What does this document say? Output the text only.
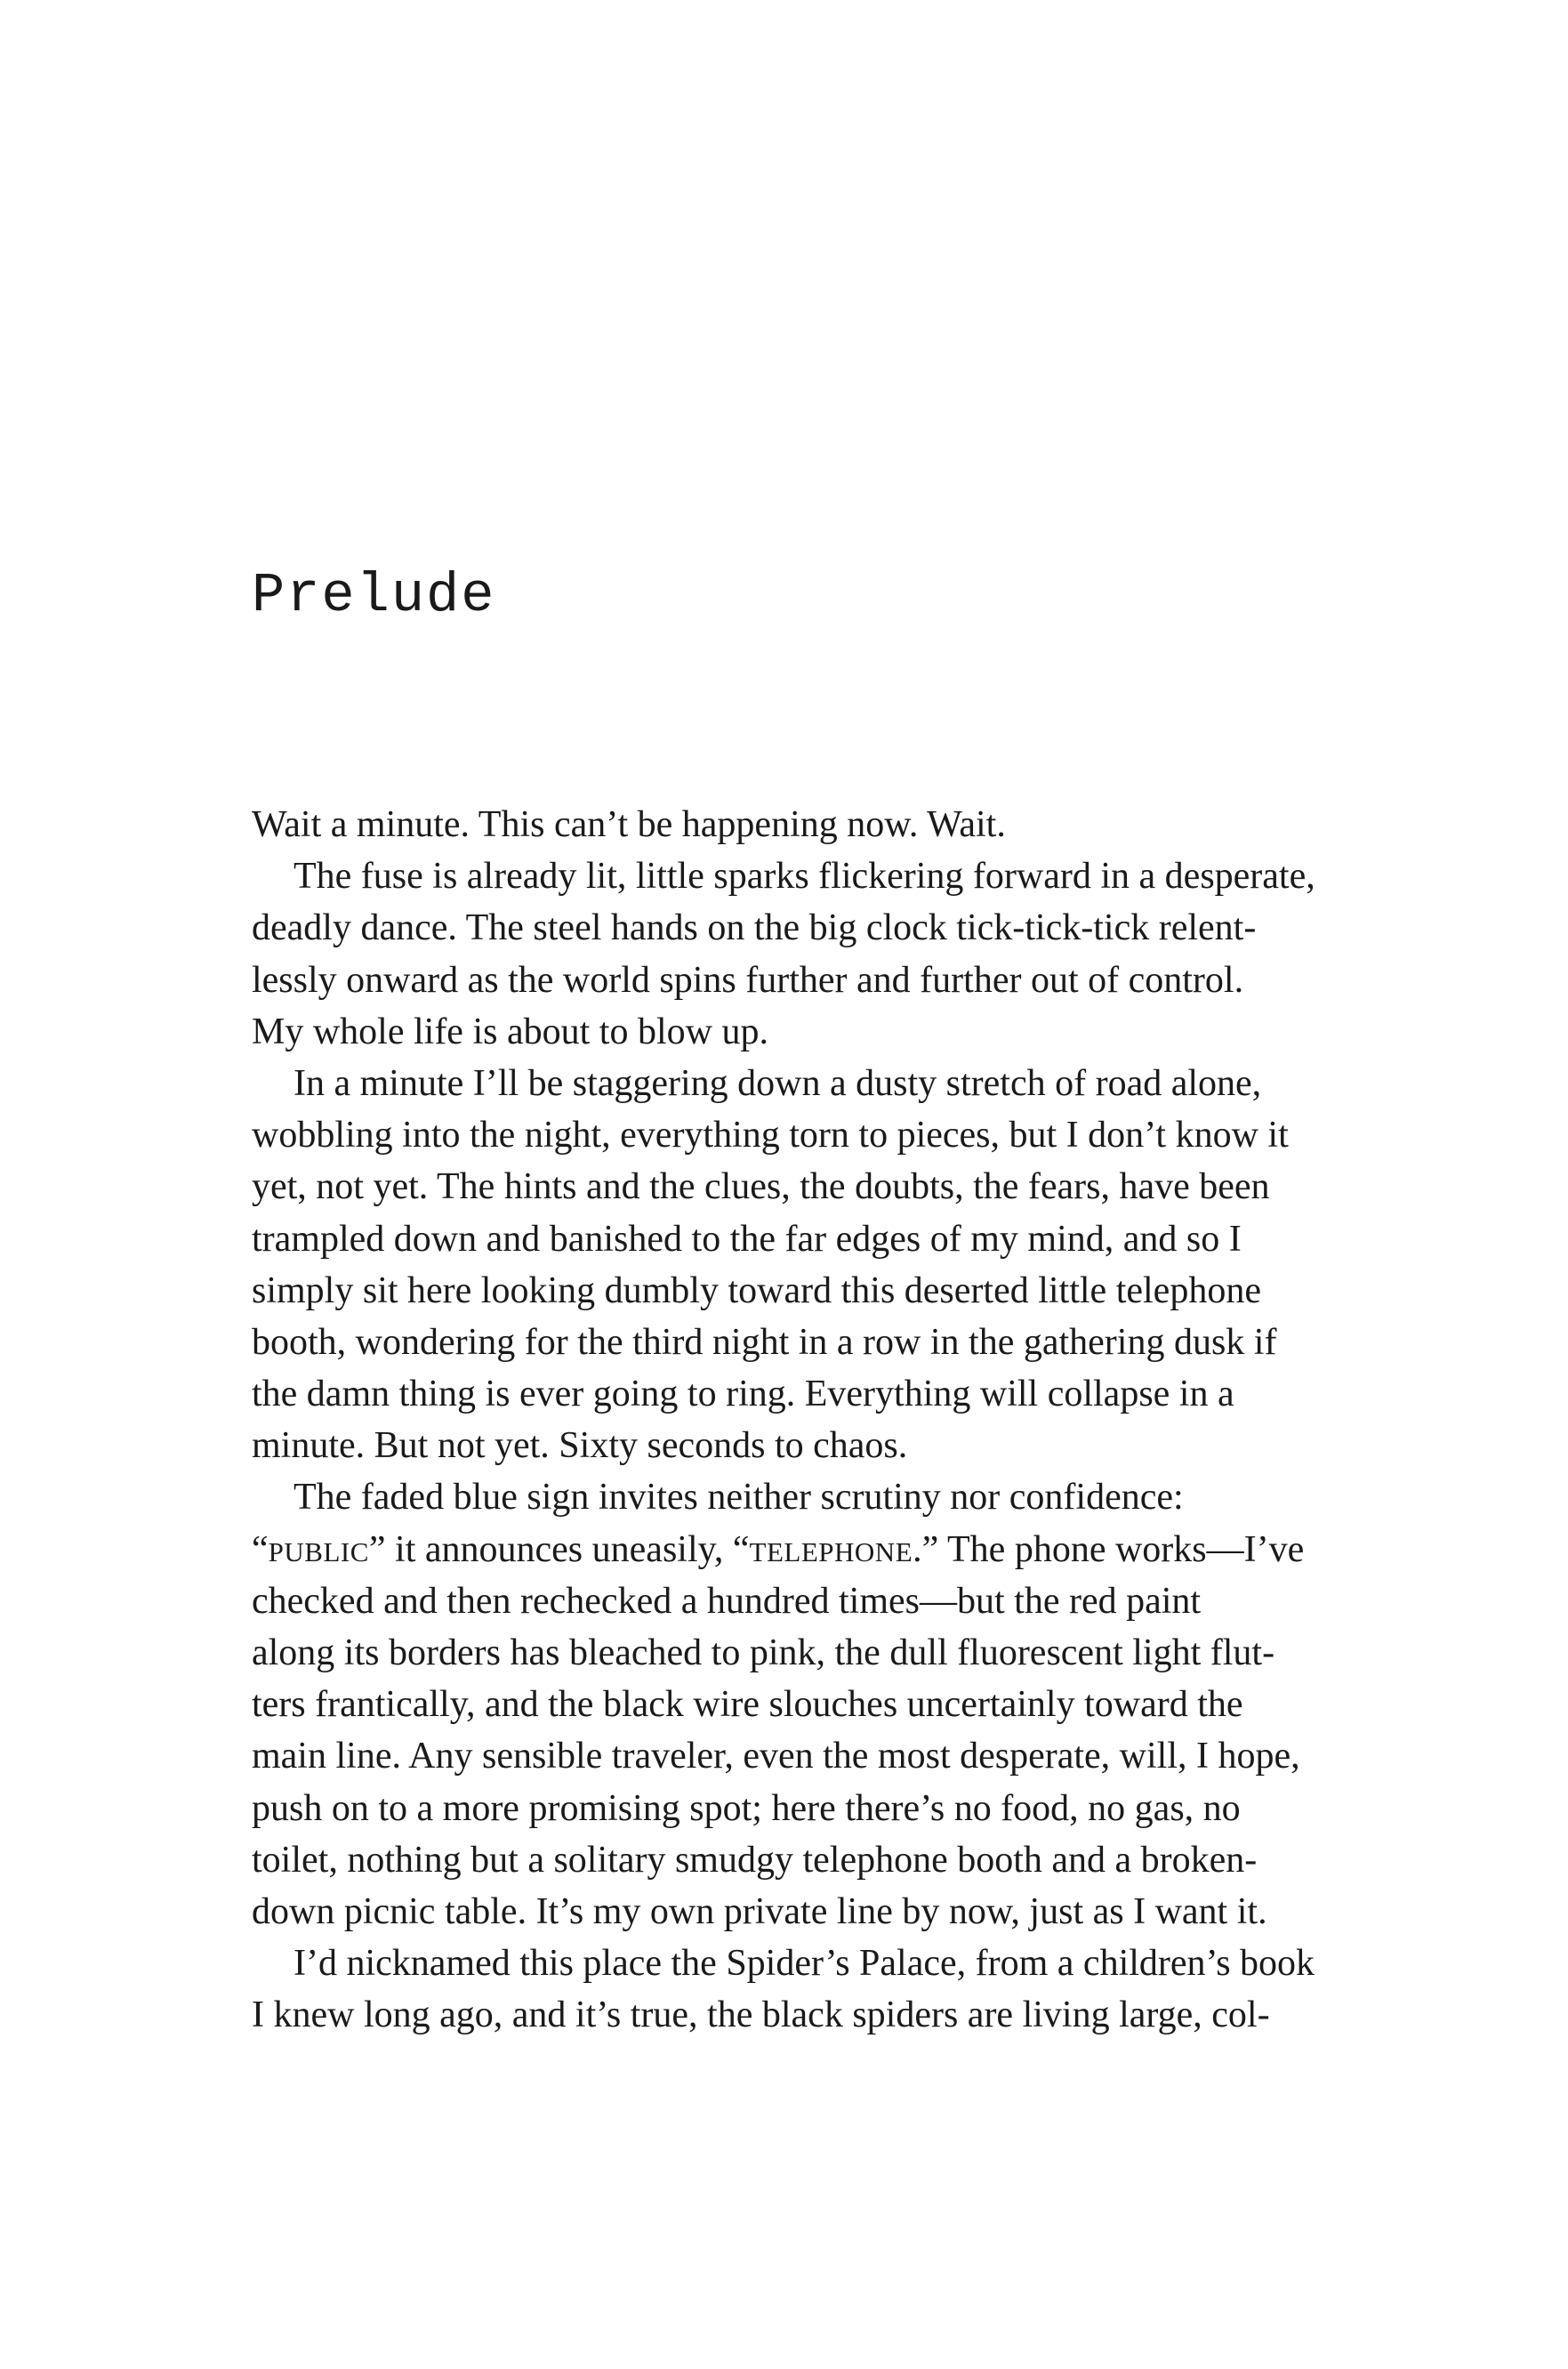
Prelude
Wait a minute. This can’t be happening now. Wait.
The fuse is already lit, little sparks flickering forward in a desperate,
deadly dance. The steel hands on the big clock tick-tick-tick relent-
lessly onward as the world spins further and further out of control.
My whole life is about to blow up.
In a minute I’ll be staggering down a dusty stretch of road alone,
wobbling into the night, everything torn to pieces, but I don’t know it
yet, not yet. The hints and the clues, the doubts, the fears, have been
trampled down and banished to the far edges of my mind, and so I
simply sit here looking dumbly toward this deserted little telephone
booth, wondering for the third night in a row in the gathering dusk if
the damn thing is ever going to ring. Everything will collapse in a
minute. But not yet. Sixty seconds to chaos.
The faded blue sign invites neither scrutiny nor confidence:
“PUBLIC” it announces uneasily, “TELEPHONE.” The phone works—I’ve
checked and then rechecked a hundred times—but the red paint
along its borders has bleached to pink, the dull fluorescent light flut-
ters frantically, and the black wire slouches uncertainly toward the
main line. Any sensible traveler, even the most desperate, will, I hope,
push on to a more promising spot; here there’s no food, no gas, no
toilet, nothing but a solitary smudgy telephone booth and a broken-
down picnic table. It’s my own private line by now, just as I want it.
I’d nicknamed this place the Spider’s Palace, from a children’s book
I knew long ago, and it’s true, the black spiders are living large, col-
